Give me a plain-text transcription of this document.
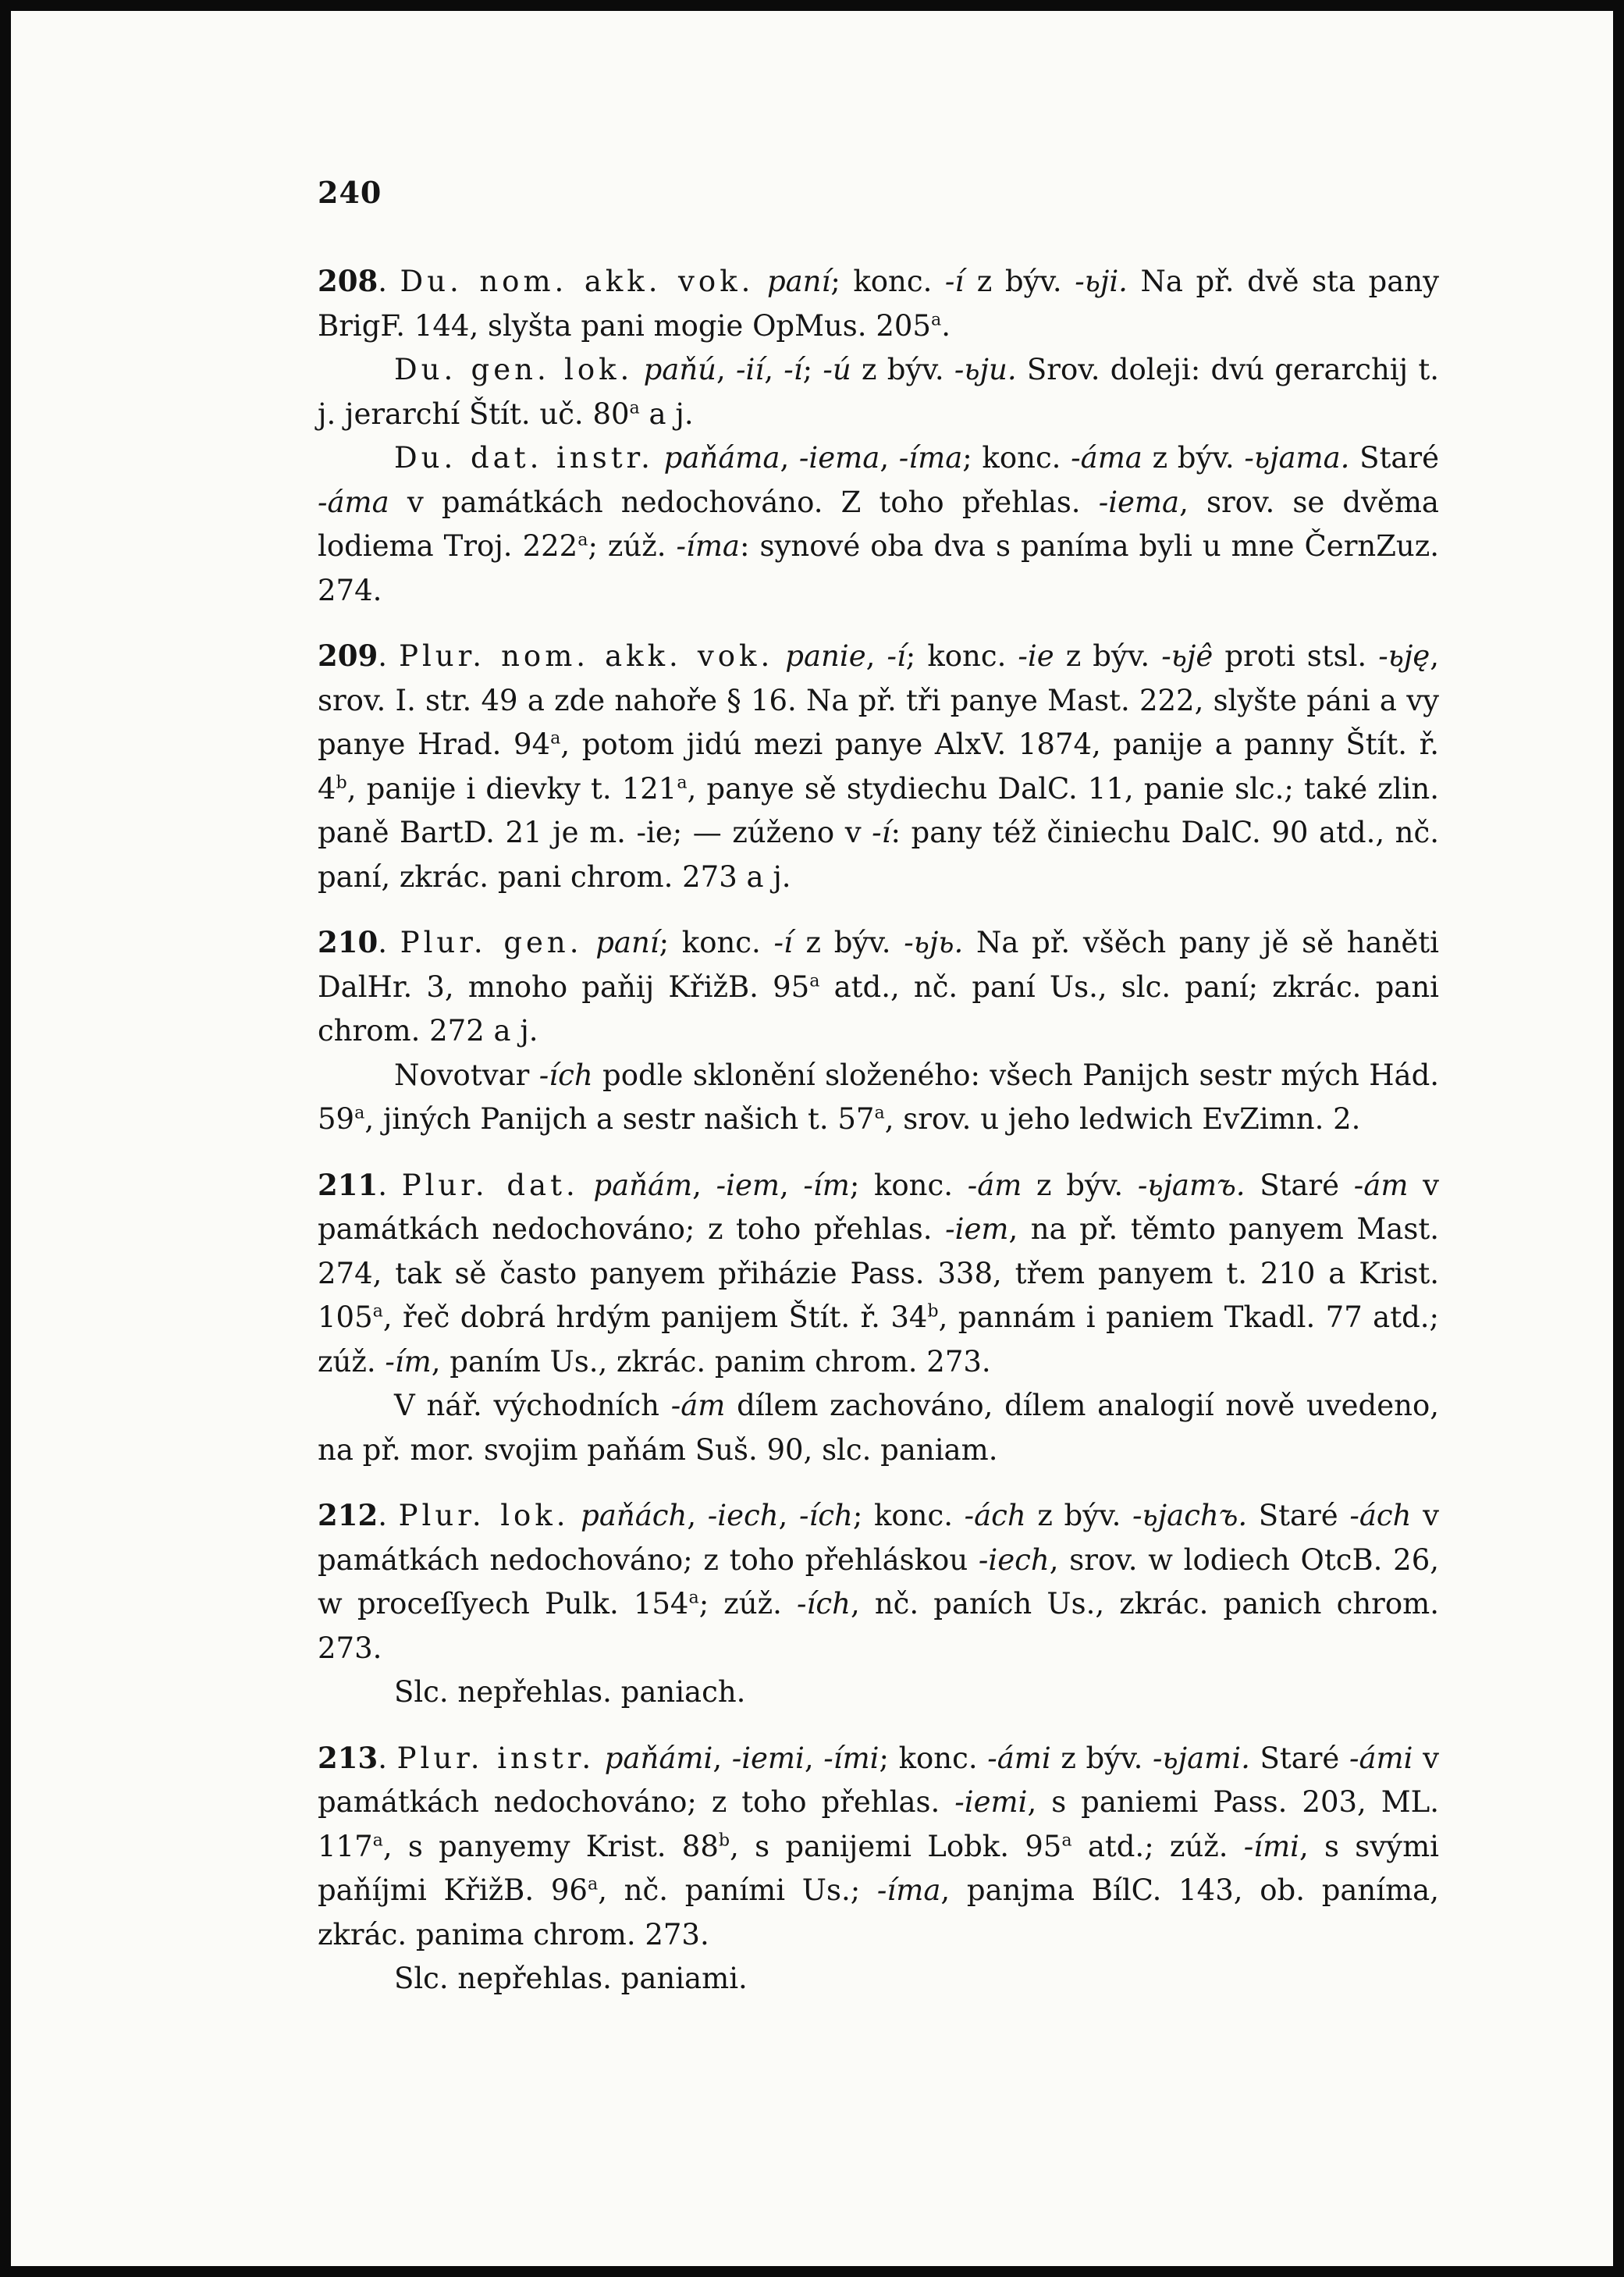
240

208. Du. nom. akk. vok. paní; konc. -í z býv. -ьji. Na př. dvě sta pany BrigF. 144, slyšta pani mogie OpMus. 205$^a$.

Du. gen. lok. paňú, -ií, -í; -ú z býv. -ьju. Srov. doleji: dvú gerarchij t. j. jerarchí Štít. uč. 80$^a$ a j.

Du. dat. instr. paňáma, -iema, -íma; konc. -áma z býv. -ьjama. Staré -áma v památkách nedochováno. Z toho přehlas. -iema, srov. se dvěma lodiema Troj. 222$^a$; zúž. -íma: synové oba dva s paníma byli u mne ČernZuz. 274.

209. Plur. nom. akk. vok. panie, -í; konc. -ie z býv. -ьjê proti stsl. -ьję, srov. I. str. 49 a zde nahoře § 16. Na př. tři panye Mast. 222, slyšte páni a vy panye Hrad. 94$^a$, potom jidú mezi panye AlxV. 1874, panije a panny Štít. ř. 4$^b$, panije i dievky t. 121$^a$, panye sě stydiechu DalC. 11, panie slc.; také zlin. paně BartD. 21 je m. -ie; — zúženo v -í: pany též činiechu DalC. 90 atd., nč. paní, zkrác. pani chrom. 273 a j.

210. Plur. gen. paní; konc. -í z býv. -ьjь. Na př. všěch pany jě sě haněti DalHr. 3, mnoho paňij KřižB. 95$^a$ atd., nč. paní Us., slc. paní; zkrác. pani chrom. 272 a j.

Novotvar -ích podle sklonění složeného: všech Panijch sestr mých Hád. 59$^a$, jiných Panijch a sestr našich t. 57$^a$, srov. u jeho ledwich EvZimn. 2.

211. Plur. dat. paňám, -iem, -ím; konc. -ám z býv. -ьjamъ. Staré -ám v památkách nedochováno; z toho přehlas. -iem, na př. těmto panyem Mast. 274, tak sě často panyem přiházie Pass. 338, třem panyem t. 210 a Krist. 105$^a$, řeč dobrá hrdým panijem Štít. ř. 34$^b$, pannám i paniem Tkadl. 77 atd.; zúž. -ím, paním Us., zkrác. panim chrom. 273.

V nář. východních -ám dílem zachováno, dílem analogií nově uvedeno, na př. mor. svojim paňám Suš. 90, slc. paniam.

212. Plur. lok. paňách, -iech, -ích; konc. -ách z býv. -ьjachъ. Staré -ách v památkách nedochováno; z toho přehláskou -iech, srov. w lodiech OtcB. 26, w proceſſyech Pulk. 154$^a$; zúž. -ích, nč. paních Us., zkrác. panich chrom. 273.

Slc. nepřehlas. paniach.

213. Plur. instr. paňámi, -iemi, -ími; konc. -ámi z býv. -ьjami. Staré -ámi v památkách nedochováno; z toho přehlas. -iemi, s paniemi Pass. 203, ML. 117$^a$, s panyemy Krist. 88$^b$, s panijemi Lobk. 95$^a$ atd.; zúž. -ími, s svými paňíjmi KřižB. 96$^a$, nč. paními Us.; -íma, panjma BílC. 143, ob. paníma, zkrác. panima chrom. 273.

Slc. nepřehlas. paniami.
